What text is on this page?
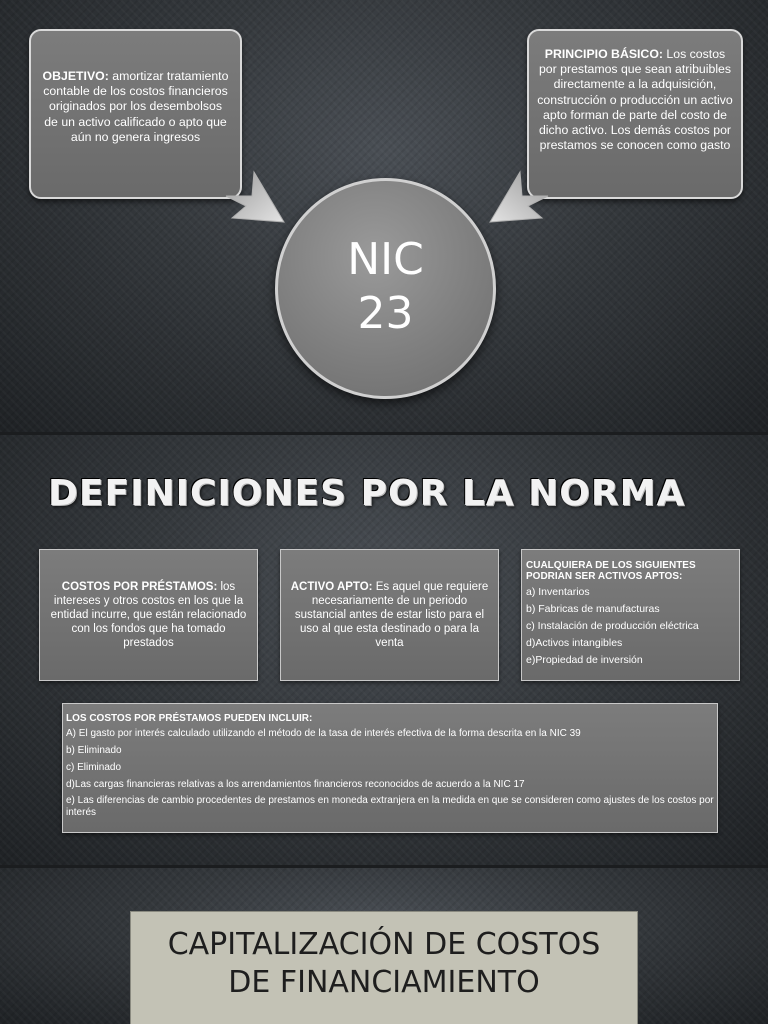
OBJETIVO: amortizar tratamiento contable de los costos financieros originados por los desembolsos de un activo calificado o apto que aún no genera ingresos
PRINCIPIO BÁSICO: Los costos por prestamos que sean atribuibles directamente a la adquisición, construcción o producción un activo apto forman de parte del costo de dicho activo. Los demás costos por prestamos se conocen como gasto
NIC
23
DEFINICIONES POR LA NORMA
COSTOS POR PRÉSTAMOS: los intereses y otros costos en los que la entidad incurre, que están relacionado con los fondos que ha tomado prestados
ACTIVO APTO: Es aquel que requiere necesariamente de un periodo sustancial antes de estar listo para el uso al que esta destinado o para la venta
CUALQUIERA DE LOS SIGUIENTES PODRIAN SER ACTIVOS APTOS:
a) Inventarios
b) Fabricas de manufacturas
c) Instalación de producción eléctrica
d)Activos intangibles
e)Propiedad de inversión
LOS COSTOS POR PRÉSTAMOS PUEDEN INCLUIR:
A) El gasto por interés calculado utilizando el método de la tasa de interés efectiva de la forma descrita en la NIC 39
b) Eliminado
c) Eliminado
d)Las cargas financieras relativas a los arrendamientos financieros reconocidos de acuerdo a la NIC 17
e) Las diferencias de cambio procedentes de prestamos en moneda extranjera en la medida en que se consideren como ajustes de los costos por interés
CAPITALIZACIÓN DE COSTOS
DE FINANCIAMIENTO
